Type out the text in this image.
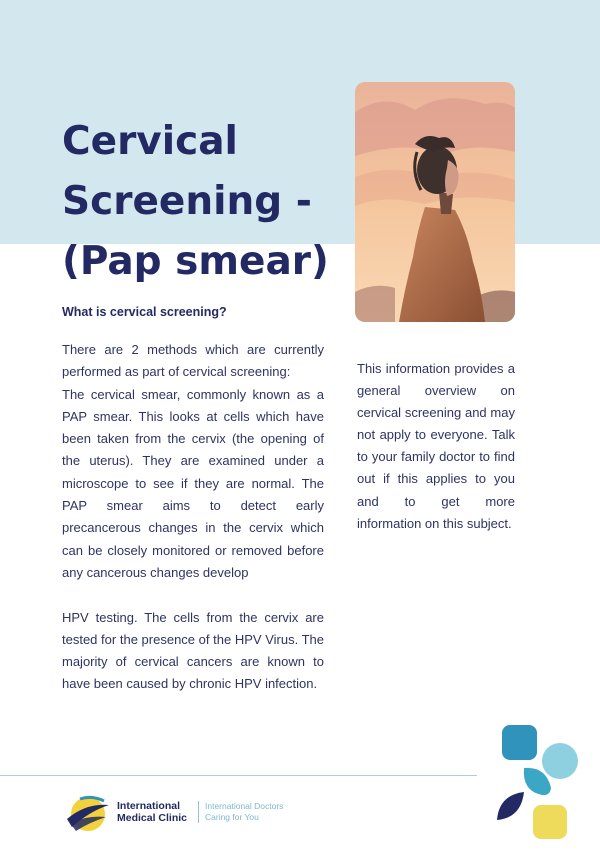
Cervical
Screening -
(Pap smear)
What is cervical screening?

There are 2 methods which are currently performed as part of cervical screening:

The cervical smear, commonly known as a PAP smear. This looks at cells which have been taken from the cervix (the opening of the uterus). They are examined under a microscope to see if they are normal. The PAP smear aims to detect early precancerous changes in the cervix which can be closely monitored or removed before any cancerous changes develop

HPV testing. The cells from the cervix are tested for the presence of the HPV Virus. The majority of cervical cancers are known to have been caused by chronic HPV infection.

This information provides a general overview on cervical screening and may not apply to everyone. Talk to your family doctor to find out if this applies to you and to get more information on this subject.

International
Medical Clinic
International Doctors
Caring for You
